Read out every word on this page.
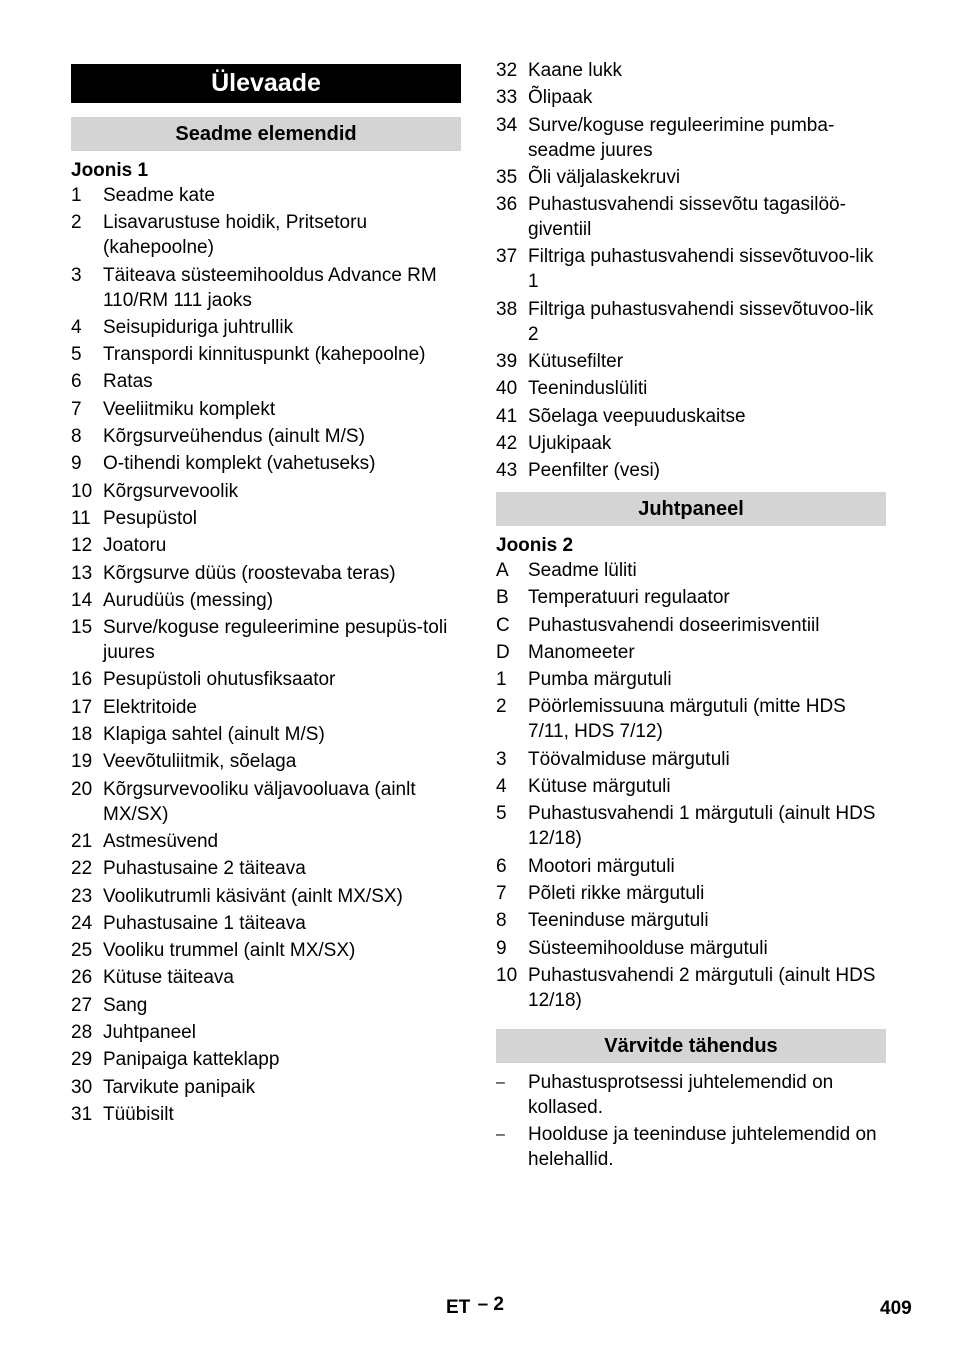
Ülevaade
Seadme elemendid
Joonis 1
1 Seadme kate
2 Lisavarustuse hoidik, Pritsetoru (kahepoolne)
3 Täiteava süsteemihooldus Advance RM 110/RM 111 jaoks
4 Seisupiduriga juhtrullik
5 Transpordi kinnituspunkt (kahepoolne)
6 Ratas
7 Veeliitmiku komplekt
8 Kõrgsurveühendus (ainult M/S)
9 O-tihendi komplekt (vahetuseks)
10 Kõrgsurvevoolik
11 Pesupüstol
12 Joatoru
13 Kõrgsurve düüs (roostevaba teras)
14 Aurudüüs (messing)
15 Surve/koguse reguleerimine pesupüs-toli juures
16 Pesupüstoli ohutusfiksaator
17 Elektritoide
18 Klapiga sahtel (ainult M/S)
19 Veevõtuliitmik, sõelaga
20 Kõrgsurvevooliku väljavooluava (ainlt MX/SX)
21 Astmesüvend
22 Puhastusaine 2 täiteava
23 Voolikutrumli käsivänt (ainlt MX/SX)
24 Puhastusaine 1 täiteava
25 Vooliku trummel (ainlt MX/SX)
26 Kütuse täiteava
27 Sang
28 Juhtpaneel
29 Panipaiga katteklapp
30 Tarvikute panipaik
31 Tüübisilt
32 Kaane lukk
33 Õlipaak
34 Surve/koguse reguleerimine pumba-seadme juures
35 Õli väljalaskekruvi
36 Puhastusvahendi sissevõtu tagasilöö-gіventiil
37 Filtriga puhastusvahendi sissevõtuvoo-lik 1
38 Filtriga puhastusvahendi sissevõtuvoo-lik 2
39 Kütusefilter
40 Teeninduslüliti
41 Sõelaga veepuuduskaitse
42 Ujukipaak
43 Peenfilter (vesi)
Juhtpaneel
Joonis 2
A Seadme lüliti
B Temperatuuri regulaator
C Puhastusvahendi doseerimisventiil
D Manomeeter
1 Pumba märgutuli
2 Pöörlemissuuna märgutuli (mitte HDS 7/11, HDS 7/12)
3 Töövalmiduse märgutuli
4 Kütuse märgutuli
5 Puhastusvahendi 1 märgutuli (ainult HDS 12/18)
6 Mootori märgutuli
7 Põleti rikke märgutuli
8 Teeninduse märgutuli
9 Süsteemihoolduse märgutuli
10 Puhastusvahendi 2 märgutuli (ainult HDS 12/18)
Värvitde tähendus
– Puhastusprotsessi juhtelemendid on kollased.
– Hoolduse ja teeninduse juhtelemendid on helehallid.
ET – 2	409
